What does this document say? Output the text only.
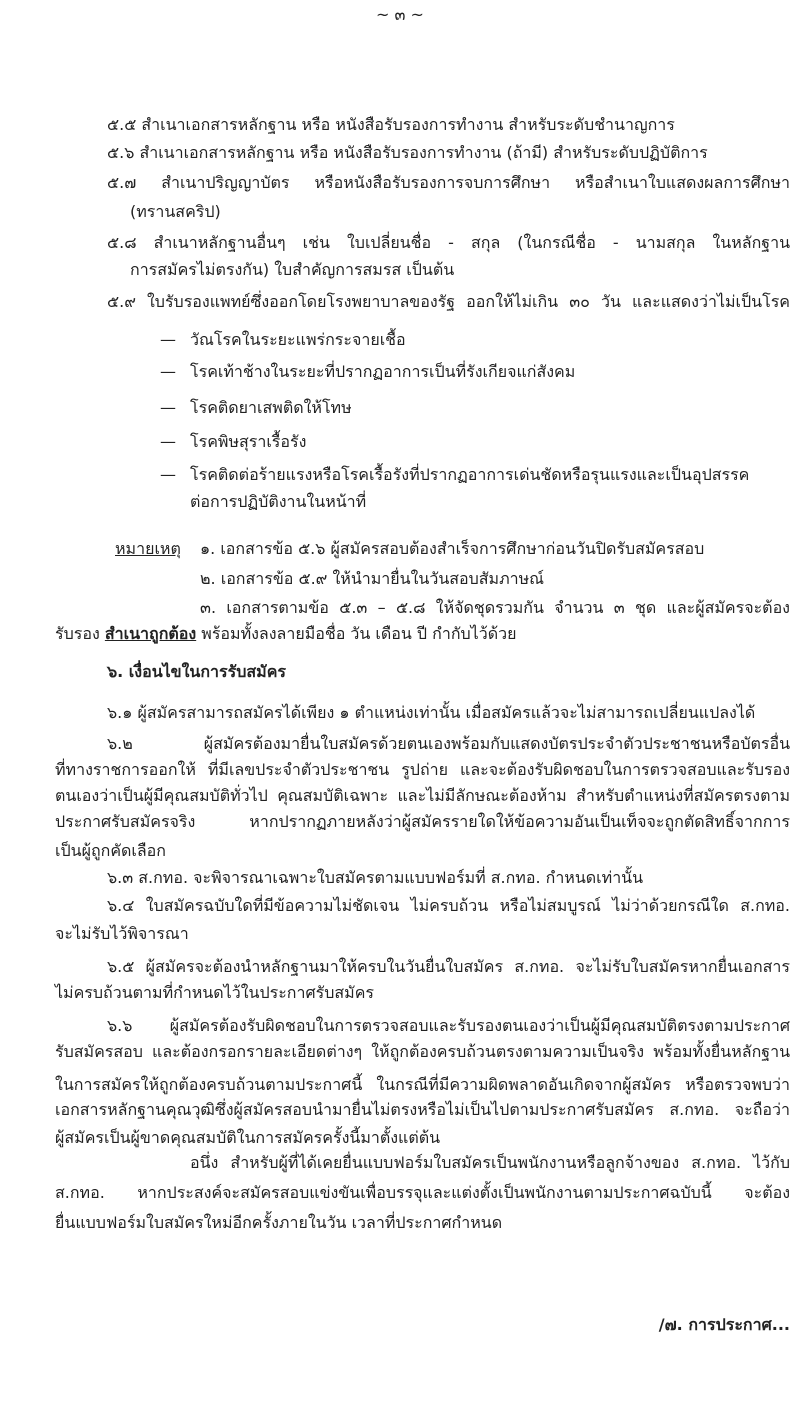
~ ๓ ~
๕.๕ สำเนาเอกสารหลักฐาน หรือ หนังสือรับรองการทำงาน สำหรับระดับชำนาญการ
๕.๖ สำเนาเอกสารหลักฐาน หรือ หนังสือรับรองการทำงาน (ถ้ามี) สำหรับระดับปฏิบัติการ
๕.๗ สำเนาปริญญาบัตร หรือหนังสือรับรองการจบการศึกษา หรือสำเนาใบแสดงผลการศึกษา
(ทรานสคริป)
๕.๘ สำเนาหลักฐานอื่นๆ เช่น ใบเปลี่ยนชื่อ - สกุล (ในกรณีชื่อ - นามสกุล ในหลักฐาน
การสมัครไม่ตรงกัน) ใบสำคัญการสมรส เป็นต้น
๕.๙ ใบรับรองแพทย์ซึ่งออกโดยโรงพยาบาลของรัฐ ออกให้ไม่เกิน ๓๐ วัน และแสดงว่าไม่เป็นโรค
— วัณโรคในระยะแพร่กระจายเชื้อ
— โรคเท้าช้างในระยะที่ปรากฏอาการเป็นที่รังเกียจแก่สังคม
— โรคติดยาเสพติดให้โทษ
— โรคพิษสุราเรื้อรัง
— โรคติดต่อร้ายแรงหรือโรคเรื้อรังที่ปรากฏอาการเด่นชัดหรือรุนแรงและเป็นอุปสรรค
ต่อการปฏิบัติงานในหน้าที่
หมายเหตุ ๑. เอกสารข้อ ๕.๖ ผู้สมัครสอบต้องสำเร็จการศึกษาก่อนวันปิดรับสมัครสอบ
๒. เอกสารข้อ ๕.๙ ให้นำมายื่นในวันสอบสัมภาษณ์
๓. เอกสารตามข้อ ๕.๓ – ๕.๘ ให้จัดชุดรวมกัน จำนวน ๓ ชุด และผู้สมัครจะต้อง
รับรอง สำเนาถูกต้อง พร้อมทั้งลงลายมือชื่อ วัน เดือน ปี กำกับไว้ด้วย
๖. เงื่อนไขในการรับสมัคร
๖.๑ ผู้สมัครสามารถสมัครได้เพียง ๑ ตำแหน่งเท่านั้น เมื่อสมัครแล้วจะไม่สามารถเปลี่ยนแปลงได้
๖.๒ ผู้สมัครต้องมายื่นใบสมัครด้วยตนเองพร้อมกับแสดงบัตรประจำตัวประชาชนหรือบัตรอื่น
ที่ทางราชการออกให้ ที่มีเลขประจำตัวประชาชน รูปถ่าย และจะต้องรับผิดชอบในการตรวจสอบและรับรอง
ตนเองว่าเป็นผู้มีคุณสมบัติทั่วไป คุณสมบัติเฉพาะ และไม่มีลักษณะต้องห้าม สำหรับตำแหน่งที่สมัครตรงตาม
ประกาศรับสมัครจริง หากปรากฏภายหลังว่าผู้สมัครรายใดให้ข้อความอันเป็นเท็จจะถูกตัดสิทธิ์จากการ
เป็นผู้ถูกคัดเลือก
๖.๓ ส.กทอ. จะพิจารณาเฉพาะใบสมัครตามแบบฟอร์มที่ ส.กทอ. กำหนดเท่านั้น
๖.๔ ใบสมัครฉบับใดที่มีข้อความไม่ชัดเจน ไม่ครบถ้วน หรือไม่สมบูรณ์ ไม่ว่าด้วยกรณีใด ส.กทอ.
จะไม่รับไว้พิจารณา
๖.๕ ผู้สมัครจะต้องนำหลักฐานมาให้ครบในวันยื่นใบสมัคร ส.กทอ. จะไม่รับใบสมัครหากยื่นเอกสาร
ไม่ครบถ้วนตามที่กำหนดไว้ในประกาศรับสมัคร
๖.๖ ผู้สมัครต้องรับผิดชอบในการตรวจสอบและรับรองตนเองว่าเป็นผู้มีคุณสมบัติตรงตามประกาศ
รับสมัครสอบ และต้องกรอกรายละเอียดต่างๆ ให้ถูกต้องครบถ้วนตรงตามความเป็นจริง พร้อมทั้งยื่นหลักฐาน
ในการสมัครให้ถูกต้องครบถ้วนตามประกาศนี้ ในกรณีที่มีความผิดพลาดอันเกิดจากผู้สมัคร หรือตรวจพบว่า
เอกสารหลักฐานคุณวุฒิซึ่งผู้สมัครสอบนำมายื่นไม่ตรงหรือไม่เป็นไปตามประกาศรับสมัคร ส.กทอ. จะถือว่า
ผู้สมัครเป็นผู้ขาดคุณสมบัติในการสมัครครั้งนี้มาตั้งแต่ต้น
อนึ่ง สำหรับผู้ที่ได้เคยยื่นแบบฟอร์มใบสมัครเป็นพนักงานหรือลูกจ้างของ ส.กทอ. ไว้กับ
ส.กทอ. หากประสงค์จะสมัครสอบแข่งขันเพื่อบรรจุและแต่งตั้งเป็นพนักงานตามประกาศฉบับนี้ จะต้อง
ยื่นแบบฟอร์มใบสมัครใหม่อีกครั้งภายในวัน เวลาที่ประกาศกำหนด
/๗. การประกาศ...
